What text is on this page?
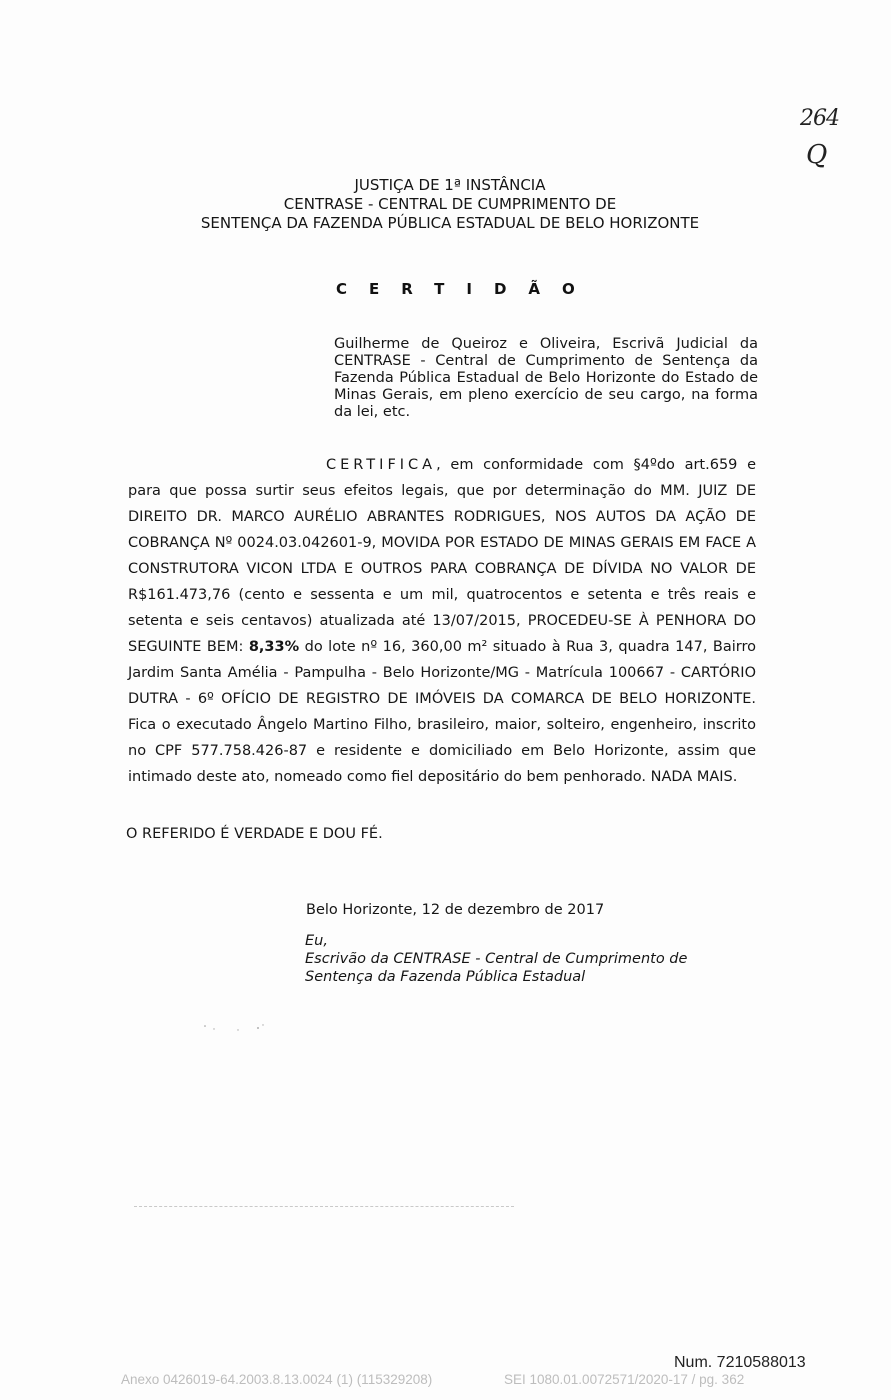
264
Q
JUSTIÇA DE 1ª INSTÂNCIA
CENTRASE - CENTRAL DE CUMPRIMENTO DE
SENTENÇA DA FAZENDA PÚBLICA ESTADUAL DE BELO HORIZONTE
CERTIDÃO
Guilherme de Queiroz e Oliveira, Escrivã Judicial da CENTRASE - Central de Cumprimento de Sentença da Fazenda Pública Estadual de Belo Horizonte do Estado de Minas Gerais, em pleno exercício de seu cargo, na forma da lei, etc.
CERTIFICA, em conformidade com §4ºdo art.659 e para que possa surtir seus efeitos legais, que por determinação do MM. JUIZ DE DIREITO DR. MARCO AURÉLIO ABRANTES RODRIGUES, NOS AUTOS DA AÇÃO DE COBRANÇA Nº 0024.03.042601-9, MOVIDA POR ESTADO DE MINAS GERAIS EM FACE A CONSTRUTORA VICON LTDA E OUTROS PARA COBRANÇA DE DÍVIDA NO VALOR DE R$161.473,76 (cento e sessenta e um mil, quatrocentos e setenta e três reais e setenta e seis centavos) atualizada até 13/07/2015, PROCEDEU-SE À PENHORA DO SEGUINTE BEM: 8,33% do lote nº 16, 360,00 m² situado à Rua 3, quadra 147, Bairro Jardim Santa Amélia - Pampulha - Belo Horizonte/MG - Matrícula 100667 - CARTÓRIO DUTRA - 6º OFÍCIO DE REGISTRO DE IMÓVEIS DA COMARCA DE BELO HORIZONTE. Fica o executado Ângelo Martino Filho, brasileiro, maior, solteiro, engenheiro, inscrito no CPF 577.758.426-87 e residente e domiciliado em Belo Horizonte, assim que intimado deste ato, nomeado como fiel depositário do bem penhorado. NADA MAIS.
O REFERIDO É VERDADE E DOU FÉ.
Belo Horizonte, 12 de dezembro de 2017
Eu,
Escrivão da CENTRASE - Central de Cumprimento de
Sentença da Fazenda Pública Estadual
Num. 7210588013
Anexo 0426019-64.2003.8.13.0024 (1) (115329208)	SEI 1080.01.0072571/2020-17 / pg. 362
